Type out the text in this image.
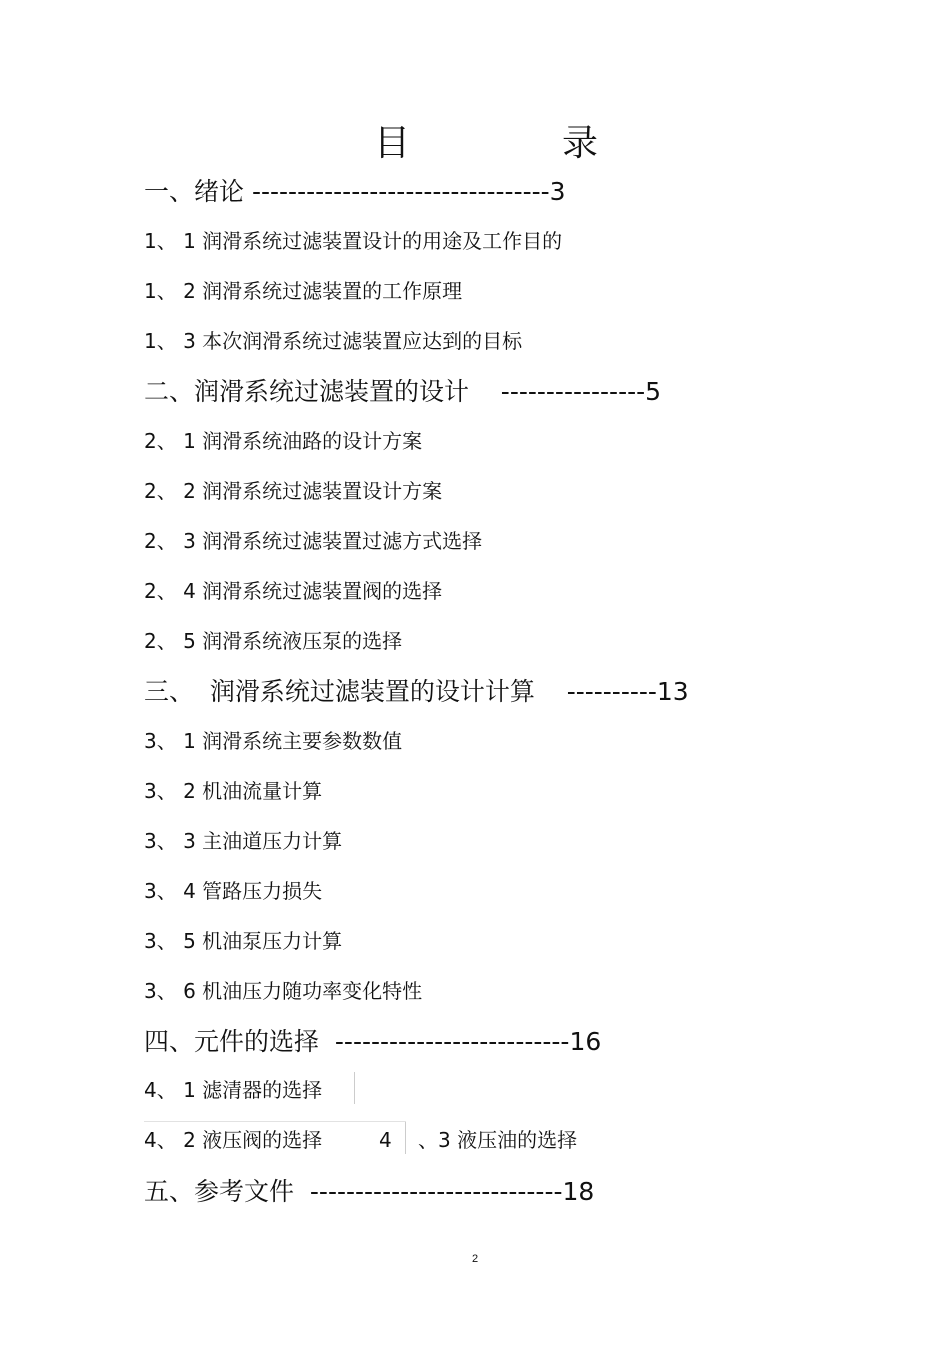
目	录
一、绪论 ---------------------------------3
1、 1 润滑系统过滤装置设计的用途及工作目的
1、 2 润滑系统过滤装置的工作原理
1、 3 本次润滑系统过滤装置应达到的目标
二、润滑系统过滤装置的设计    ----------------5
2、 1 润滑系统油路的设计方案
2、 2 润滑系统过滤装置设计方案
2、 3 润滑系统过滤装置过滤方式选择
2、 4 润滑系统过滤装置阀的选择
2、 5 润滑系统液压泵的选择
三、  润滑系统过滤装置的设计计算    ----------13
3、 1 润滑系统主要参数数值
3、 2 机油流量计算
3、 3 主油道压力计算
3、 4 管路压力损失
3、 5 机油泵压力计算
3、 6 机油压力随功率变化特性
四、元件的选择  --------------------------16
4、 1 滤清器的选择
4、 2 液压阀的选择	4 、3 液压油的选择
五、参考文件  ----------------------------18
2
